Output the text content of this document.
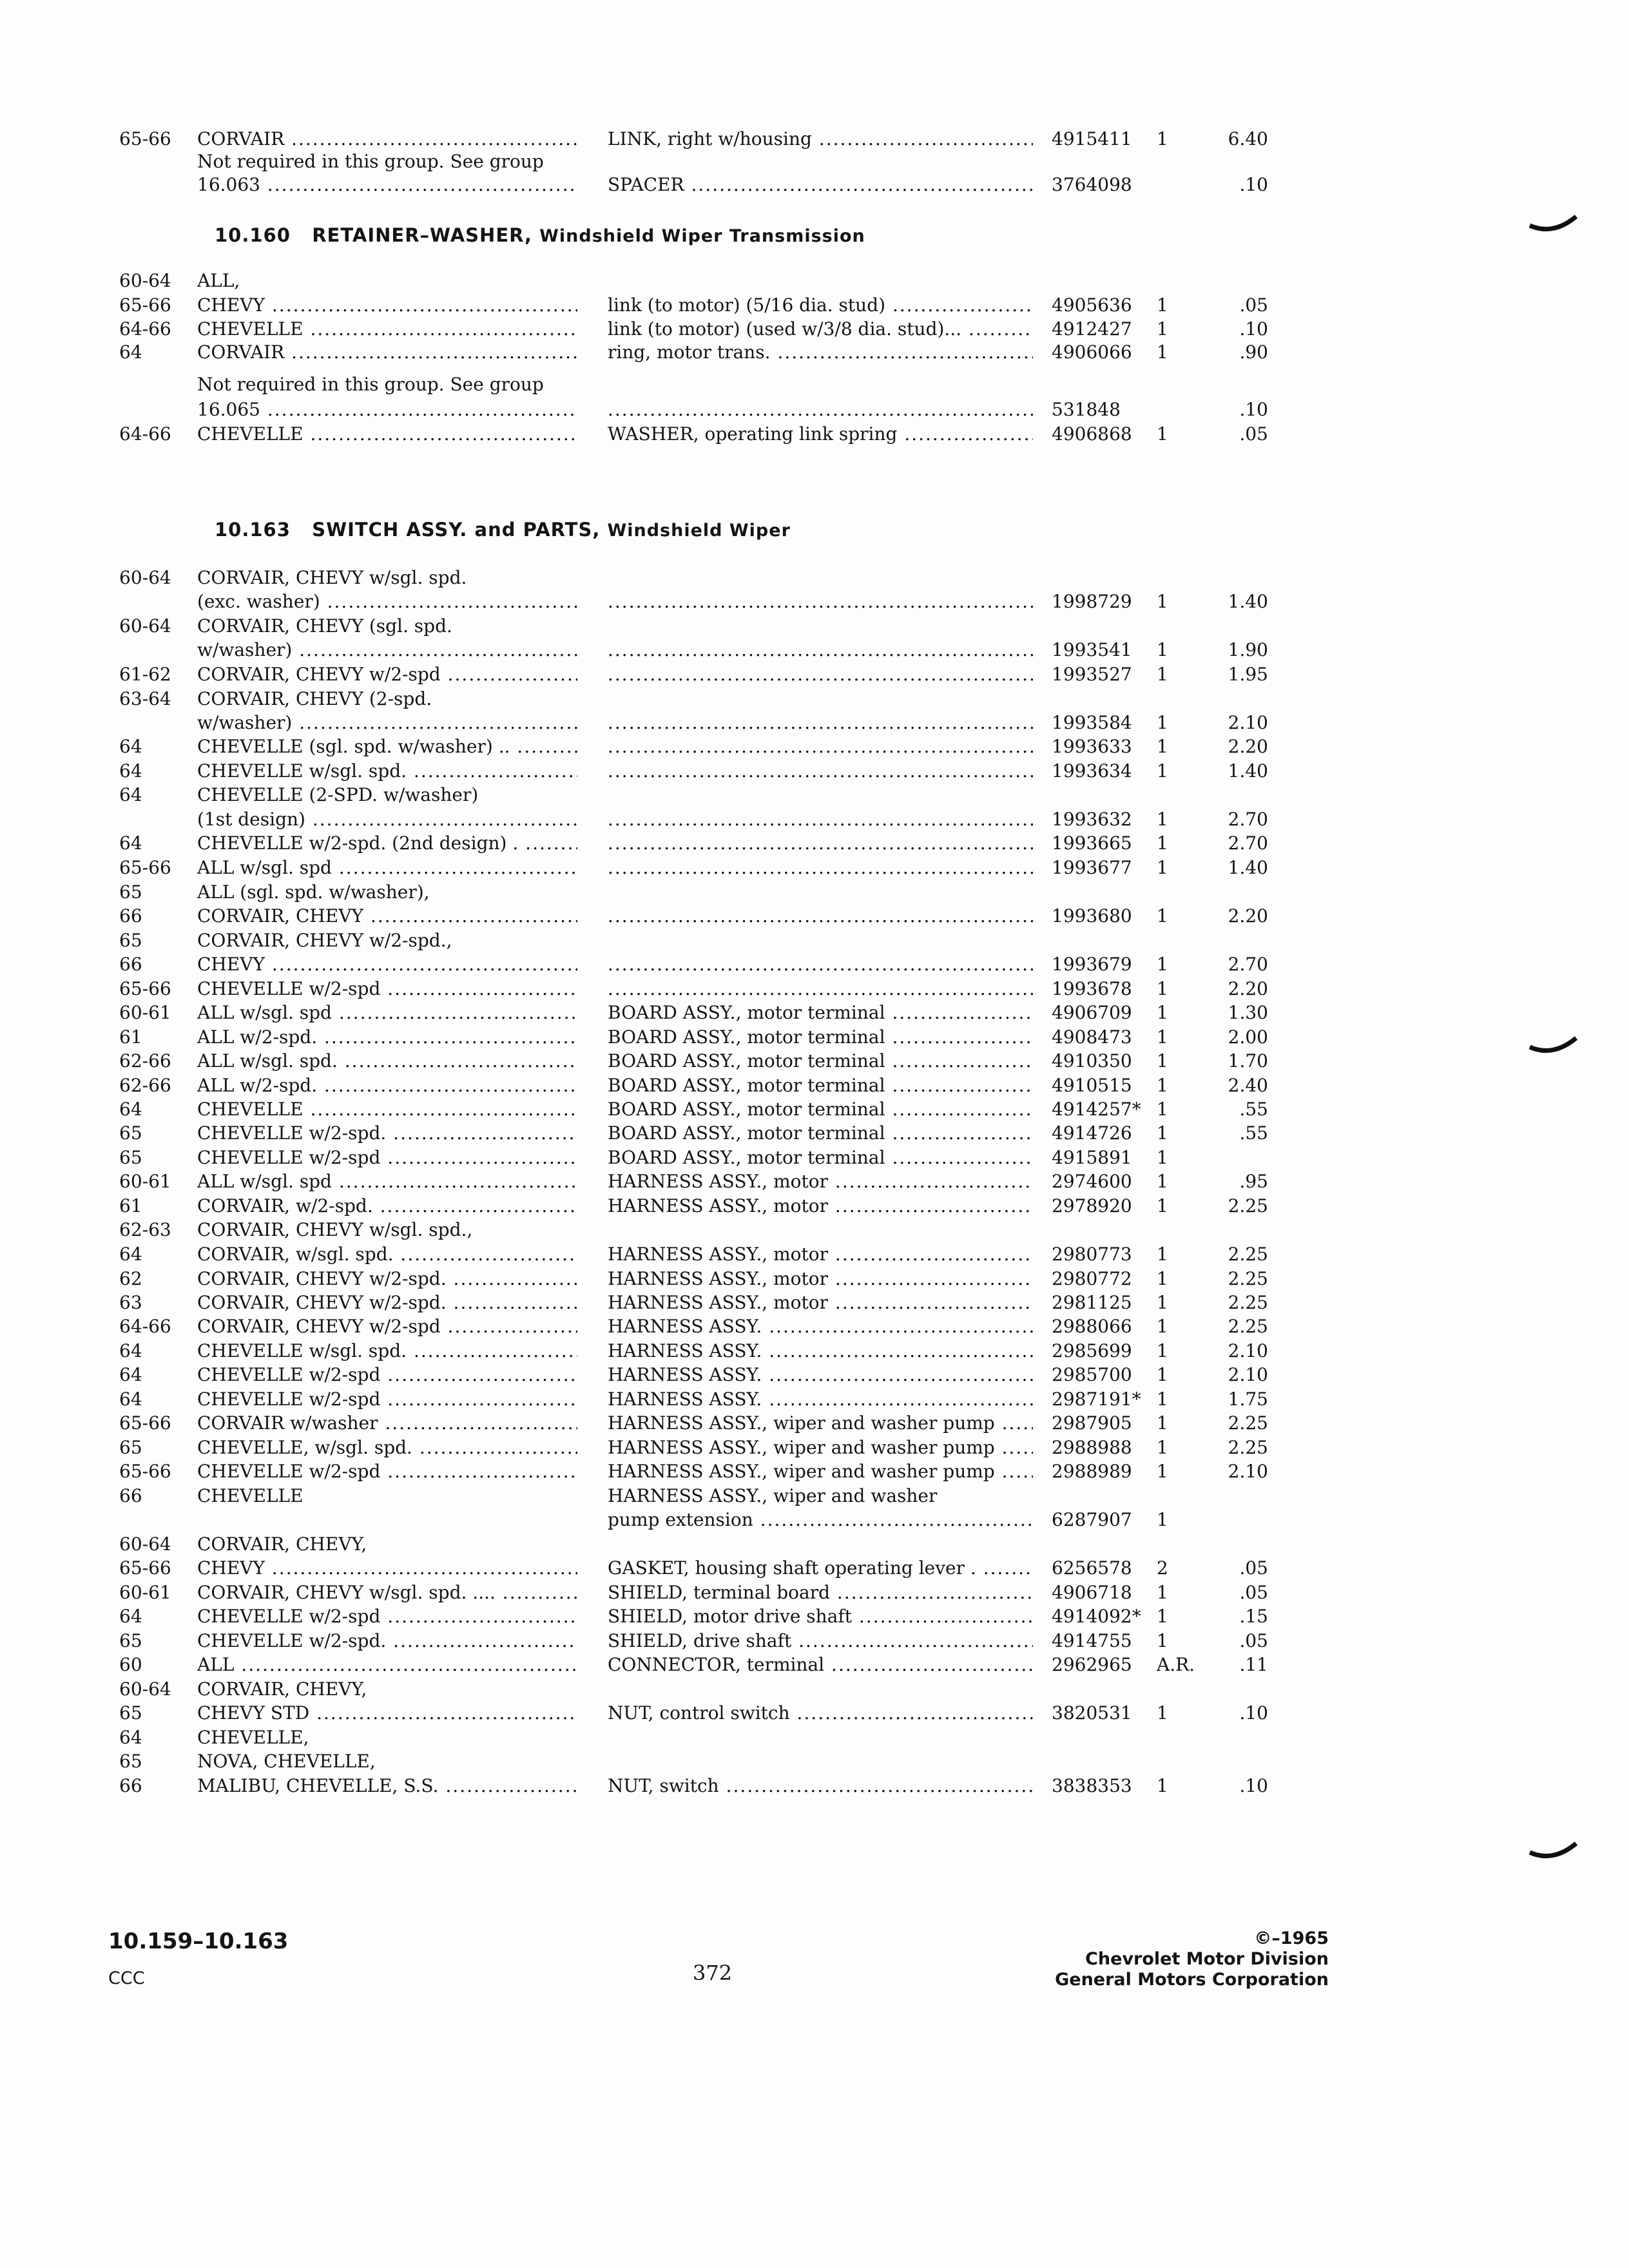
65-66	CORVAIR .....	LINK, right w/housing .....	4915411	1	6.40
Not required in this group. See group
16.063 .....	SPACER .....	3764098	.10
10.160 RETAINER–WASHER, Windshield Wiper Transmission
60-64	ALL,
65-66	CHEVY .....	link (to motor) (5/16 dia. stud) .....	4905636	1	.05
64-66	CHEVELLE .....	link (to motor) (used w/3/8 dia. stud)... .....	4912427	1	.10
64	CORVAIR .....	ring, motor trans. .....	4906066	1	.90
Not required in this group. See group
16.065 ..... .....	531848	.10
64-66	CHEVELLE .....	WASHER, operating link spring .....	4906868	1	.05
10.163 SWITCH ASSY. and PARTS, Windshield Wiper
60-64	CORVAIR, CHEVY w/sgl. spd.
(exc. washer) ..... .....	1998729	1	1.40
60-64	CORVAIR, CHEVY (sgl. spd.
w/washer) ..... .....	1993541	1	1.90
61-62	CORVAIR, CHEVY w/2-spd ..... .....	1993527	1	1.95
63-64	CORVAIR, CHEVY (2-spd.
w/washer) ..... .....	1993584	1	2.10
64	CHEVELLE (sgl. spd. w/washer) .. ..... .....	1993633	1	2.20
64	CHEVELLE w/sgl. spd. ..... .....	1993634	1	1.40
64	CHEVELLE (2-SPD. w/washer)
(1st design) ..... .....	1993632	1	2.70
64	CHEVELLE w/2-spd. (2nd design) . ..... .....	1993665	1	2.70
65-66	ALL w/sgl. spd ..... .....	1993677	1	1.40
65	ALL (sgl. spd. w/washer),
66	CORVAIR, CHEVY ..... .....	1993680	1	2.20
65	CORVAIR, CHEVY w/2-spd.,
66	CHEVY ..... .....	1993679	1	2.70
65-66	CHEVELLE w/2-spd ..... .....	1993678	1	2.20
60-61	ALL w/sgl. spd .....	BOARD ASSY., motor terminal .....	4906709	1	1.30
61	ALL w/2-spd. .....	BOARD ASSY., motor terminal .....	4908473	1	2.00
62-66	ALL w/sgl. spd. .....	BOARD ASSY., motor terminal .....	4910350	1	1.70
62-66	ALL w/2-spd. .....	BOARD ASSY., motor terminal .....	4910515	1	2.40
64	CHEVELLE .....	BOARD ASSY., motor terminal .....	4914257* 1	.55
65	CHEVELLE w/2-spd. .....	BOARD ASSY., motor terminal .....	4914726	1	.55
65	CHEVELLE w/2-spd .....	BOARD ASSY., motor terminal .....	4915891	1
60-61	ALL w/sgl. spd .....	HARNESS ASSY., motor .....	2974600	1	.95
61	CORVAIR, w/2-spd. .....	HARNESS ASSY., motor .....	2978920	1	2.25
62-63	CORVAIR, CHEVY w/sgl. spd.,
64	CORVAIR, w/sgl. spd. .....	HARNESS ASSY., motor .....	2980773	1	2.25
62	CORVAIR, CHEVY w/2-spd. .....	HARNESS ASSY., motor .....	2980772	1	2.25
63	CORVAIR, CHEVY w/2-spd. .....	HARNESS ASSY., motor .....	2981125	1	2.25
64-66	CORVAIR, CHEVY w/2-spd .....	HARNESS ASSY. .....	2988066	1	2.25
64	CHEVELLE w/sgl. spd. .....	HARNESS ASSY. .....	2985699	1	2.10
64	CHEVELLE w/2-spd .....	HARNESS ASSY. .....	2985700	1	2.10
64	CHEVELLE w/2-spd .....	HARNESS ASSY. .....	2987191* 1	1.75
65-66	CORVAIR w/washer .....	HARNESS ASSY., wiper and washer pump .....	2987905	1	2.25
65	CHEVELLE, w/sgl. spd. .....	HARNESS ASSY., wiper and washer pump .....	2988988	1	2.25
65-66	CHEVELLE w/2-spd .....	HARNESS ASSY., wiper and washer pump .....	2988989	1	2.10
66	CHEVELLE	HARNESS ASSY., wiper and washer
pump extension .....	6287907	1
60-64	CORVAIR, CHEVY,
65-66	CHEVY .....	GASKET, housing shaft operating lever . .....	6256578	2	.05
60-61	CORVAIR, CHEVY w/sgl. spd. .... .....	SHIELD, terminal board .....	4906718	1	.05
64	CHEVELLE w/2-spd .....	SHIELD, motor drive shaft .....	4914092* 1	.15
65	CHEVELLE w/2-spd. .....	SHIELD, drive shaft .....	4914755	1	.05
60	ALL .....	CONNECTOR, terminal .....	2962965	A.R.	.11
60-64	CORVAIR, CHEVY,
65	CHEVY STD .....	NUT, control switch .....	3820531	1	.10
64	CHEVELLE,
65	NOVA, CHEVELLE,
66	MALIBU, CHEVELLE, S.S. .....	NUT, switch .....	3838353	1	.10
10.159–10.163
CCC	372
©–1965
Chevrolet Motor Division
General Motors Corporation
